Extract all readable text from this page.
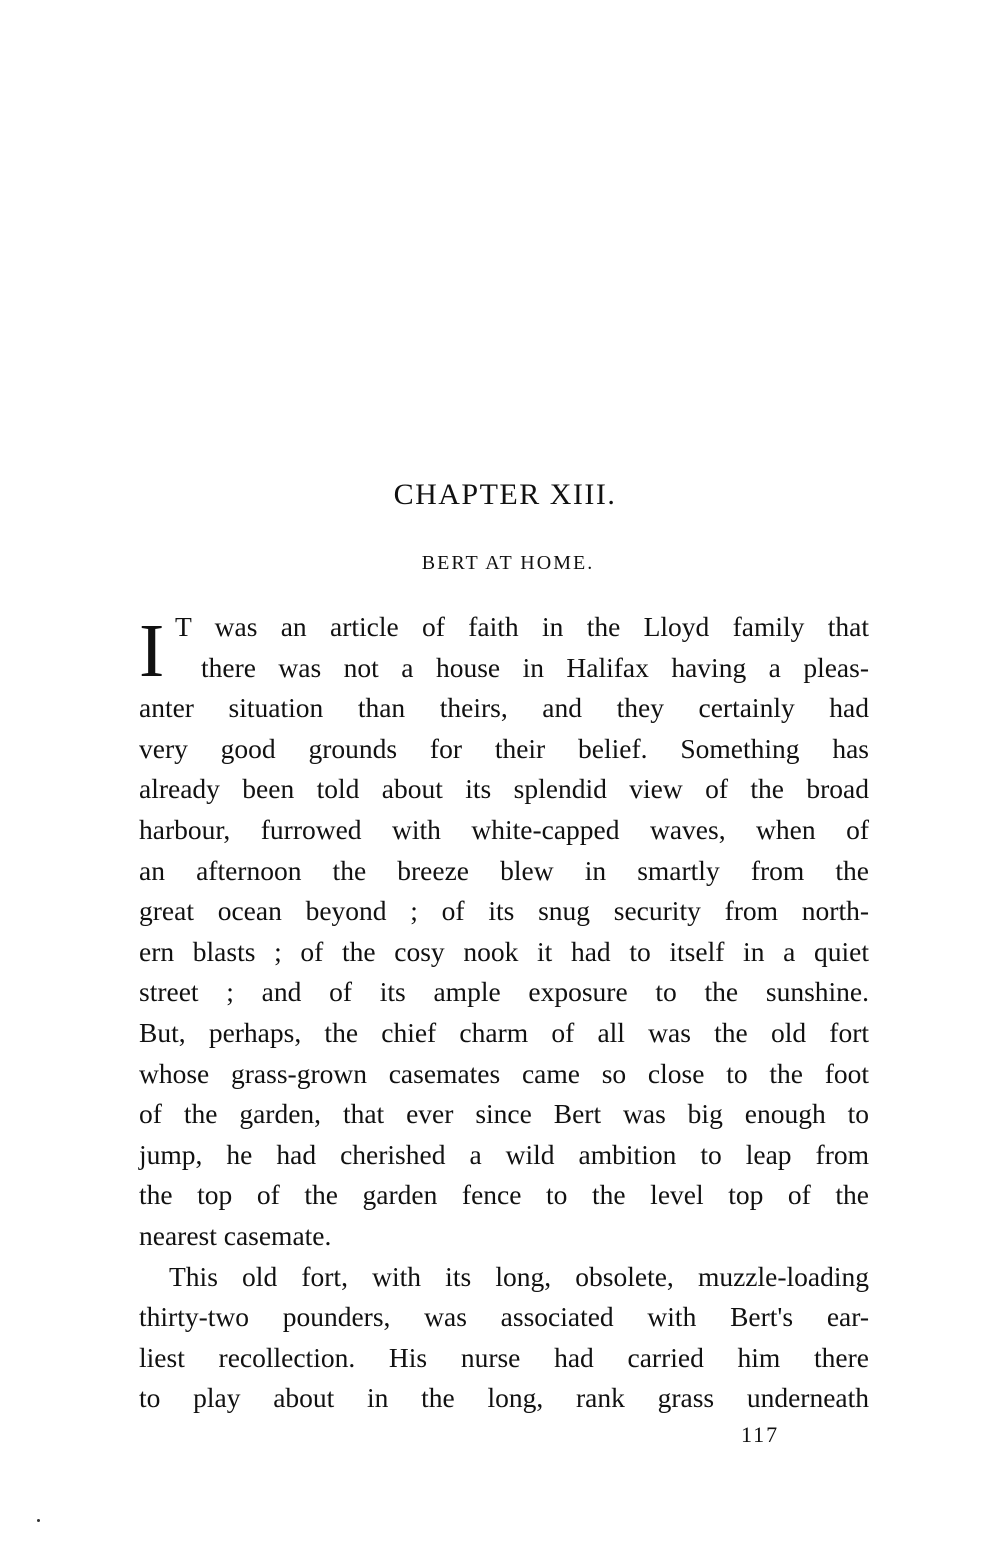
CHAPTER XIII.
BERT AT HOME.
I T was an article of faith in the Lloyd family that
there was not a house in Halifax having a pleas-
anter situation than theirs, and they certainly had
very good grounds for their belief. Something has
already been told about its splendid view of the broad
harbour, furrowed with white-capped waves, when of
an afternoon the breeze blew in smartly from the
great ocean beyond ; of its snug security from north-
ern blasts ; of the cosy nook it had to itself in a quiet
street ; and of its ample exposure to the sunshine.
But, perhaps, the chief charm of all was the old fort
whose grass-grown casemates came so close to the foot
of the garden, that ever since Bert was big enough to
jump, he had cherished a wild ambition to leap from
the top of the garden fence to the level top of the
nearest casemate.
This old fort, with its long, obsolete, muzzle-loading
thirty-two pounders, was associated with Bert's ear-
liest recollection. His nurse had carried him there
to play about in the long, rank grass underneath
117
